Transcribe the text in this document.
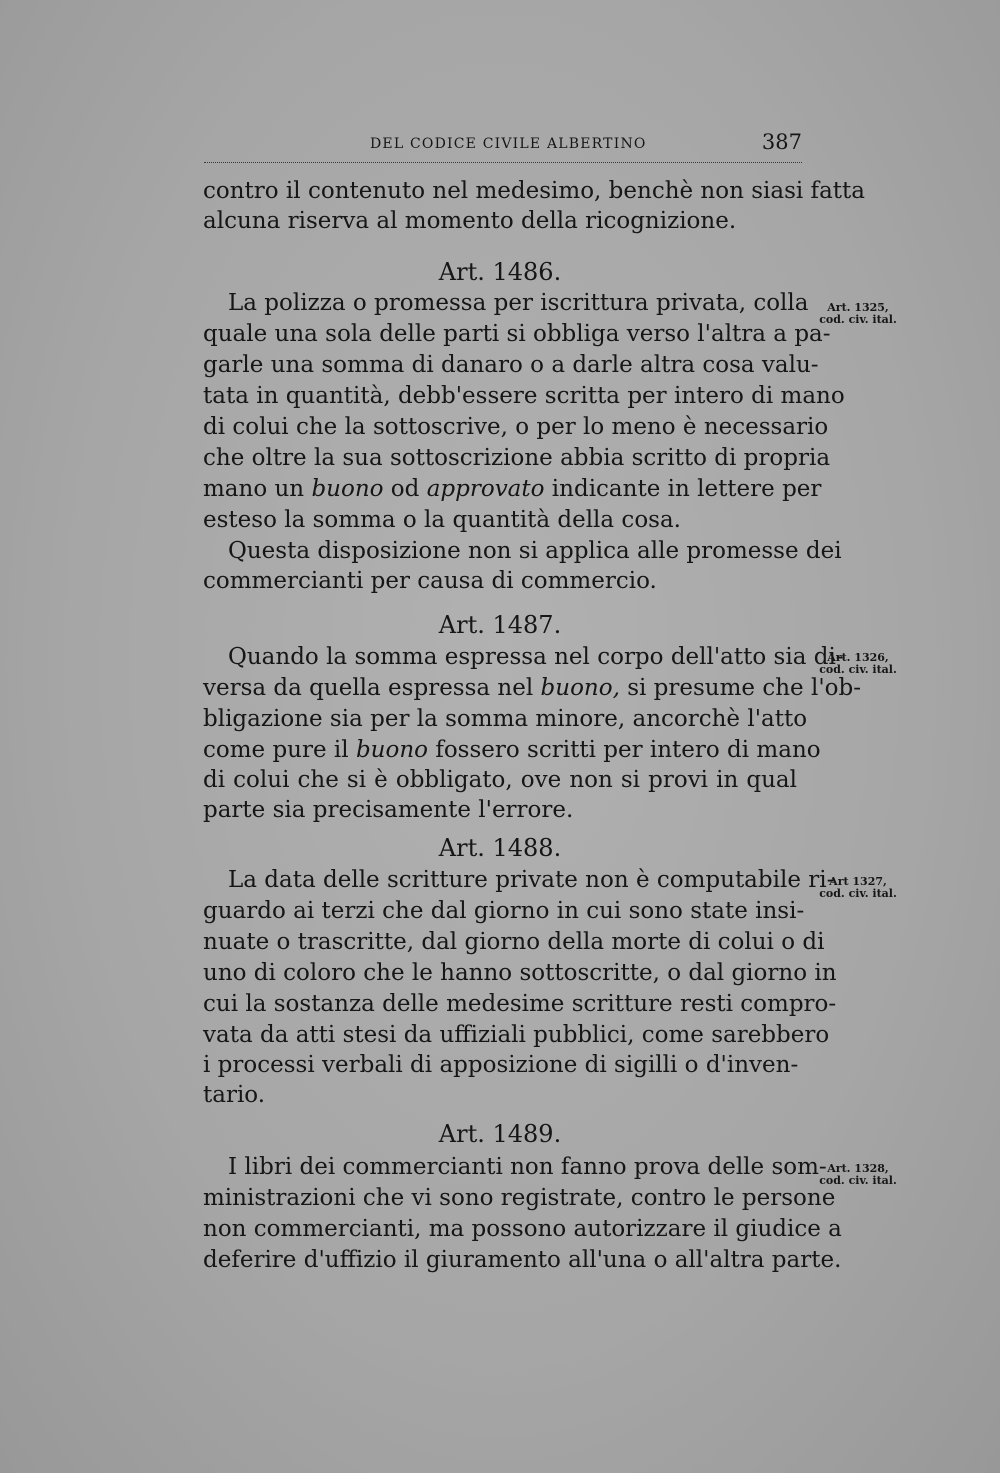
DEL CODICE CIVILE ALBERTINO	387
contro il contenuto nel medesimo, benchè non siasi fatta
alcuna riserva al momento della ricognizione.
Art. 1486.
Art. 1325,
cod. civ. ital.
La polizza o promessa per iscrittura privata, colla
quale una sola delle parti si obbliga verso l'altra a pa-
garle una somma di danaro o a darle altra cosa valu-
tata in quantità, debb'essere scritta per intero di mano
di colui che la sottoscrive, o per lo meno è necessario
che oltre la sua sottoscrizione abbia scritto di propria
mano un buono od approvato indicante in lettere per
esteso la somma o la quantità della cosa.
Questa disposizione non si applica alle promesse dei
commercianti per causa di commercio.
Art. 1487.
Art. 1326,
cod. civ. ital.
Quando la somma espressa nel corpo dell'atto sia di-
versa da quella espressa nel buono, si presume che l'ob-
bligazione sia per la somma minore, ancorchè l'atto
come pure il buono fossero scritti per intero di mano
di colui che si è obbligato, ove non si provi in qual
parte sia precisamente l'errore.
Art. 1488.
Art 1327,
cod. civ. ital.
La data delle scritture private non è computabile ri-
guardo ai terzi che dal giorno in cui sono state insi-
nuate o trascritte, dal giorno della morte di colui o di
uno di coloro che le hanno sottoscritte, o dal giorno in
cui la sostanza delle medesime scritture resti compro-
vata da atti stesi da uffiziali pubblici, come sarebbero
i processi verbali di apposizione di sigilli o d'inven-
tario.
Art. 1489.
Art. 1328,
cod. civ. ital.
I libri dei commercianti non fanno prova delle som-
ministrazioni che vi sono registrate, contro le persone
non commercianti, ma possono autorizzare il giudice a
deferire d'uffizio il giuramento all'una o all'altra parte.
